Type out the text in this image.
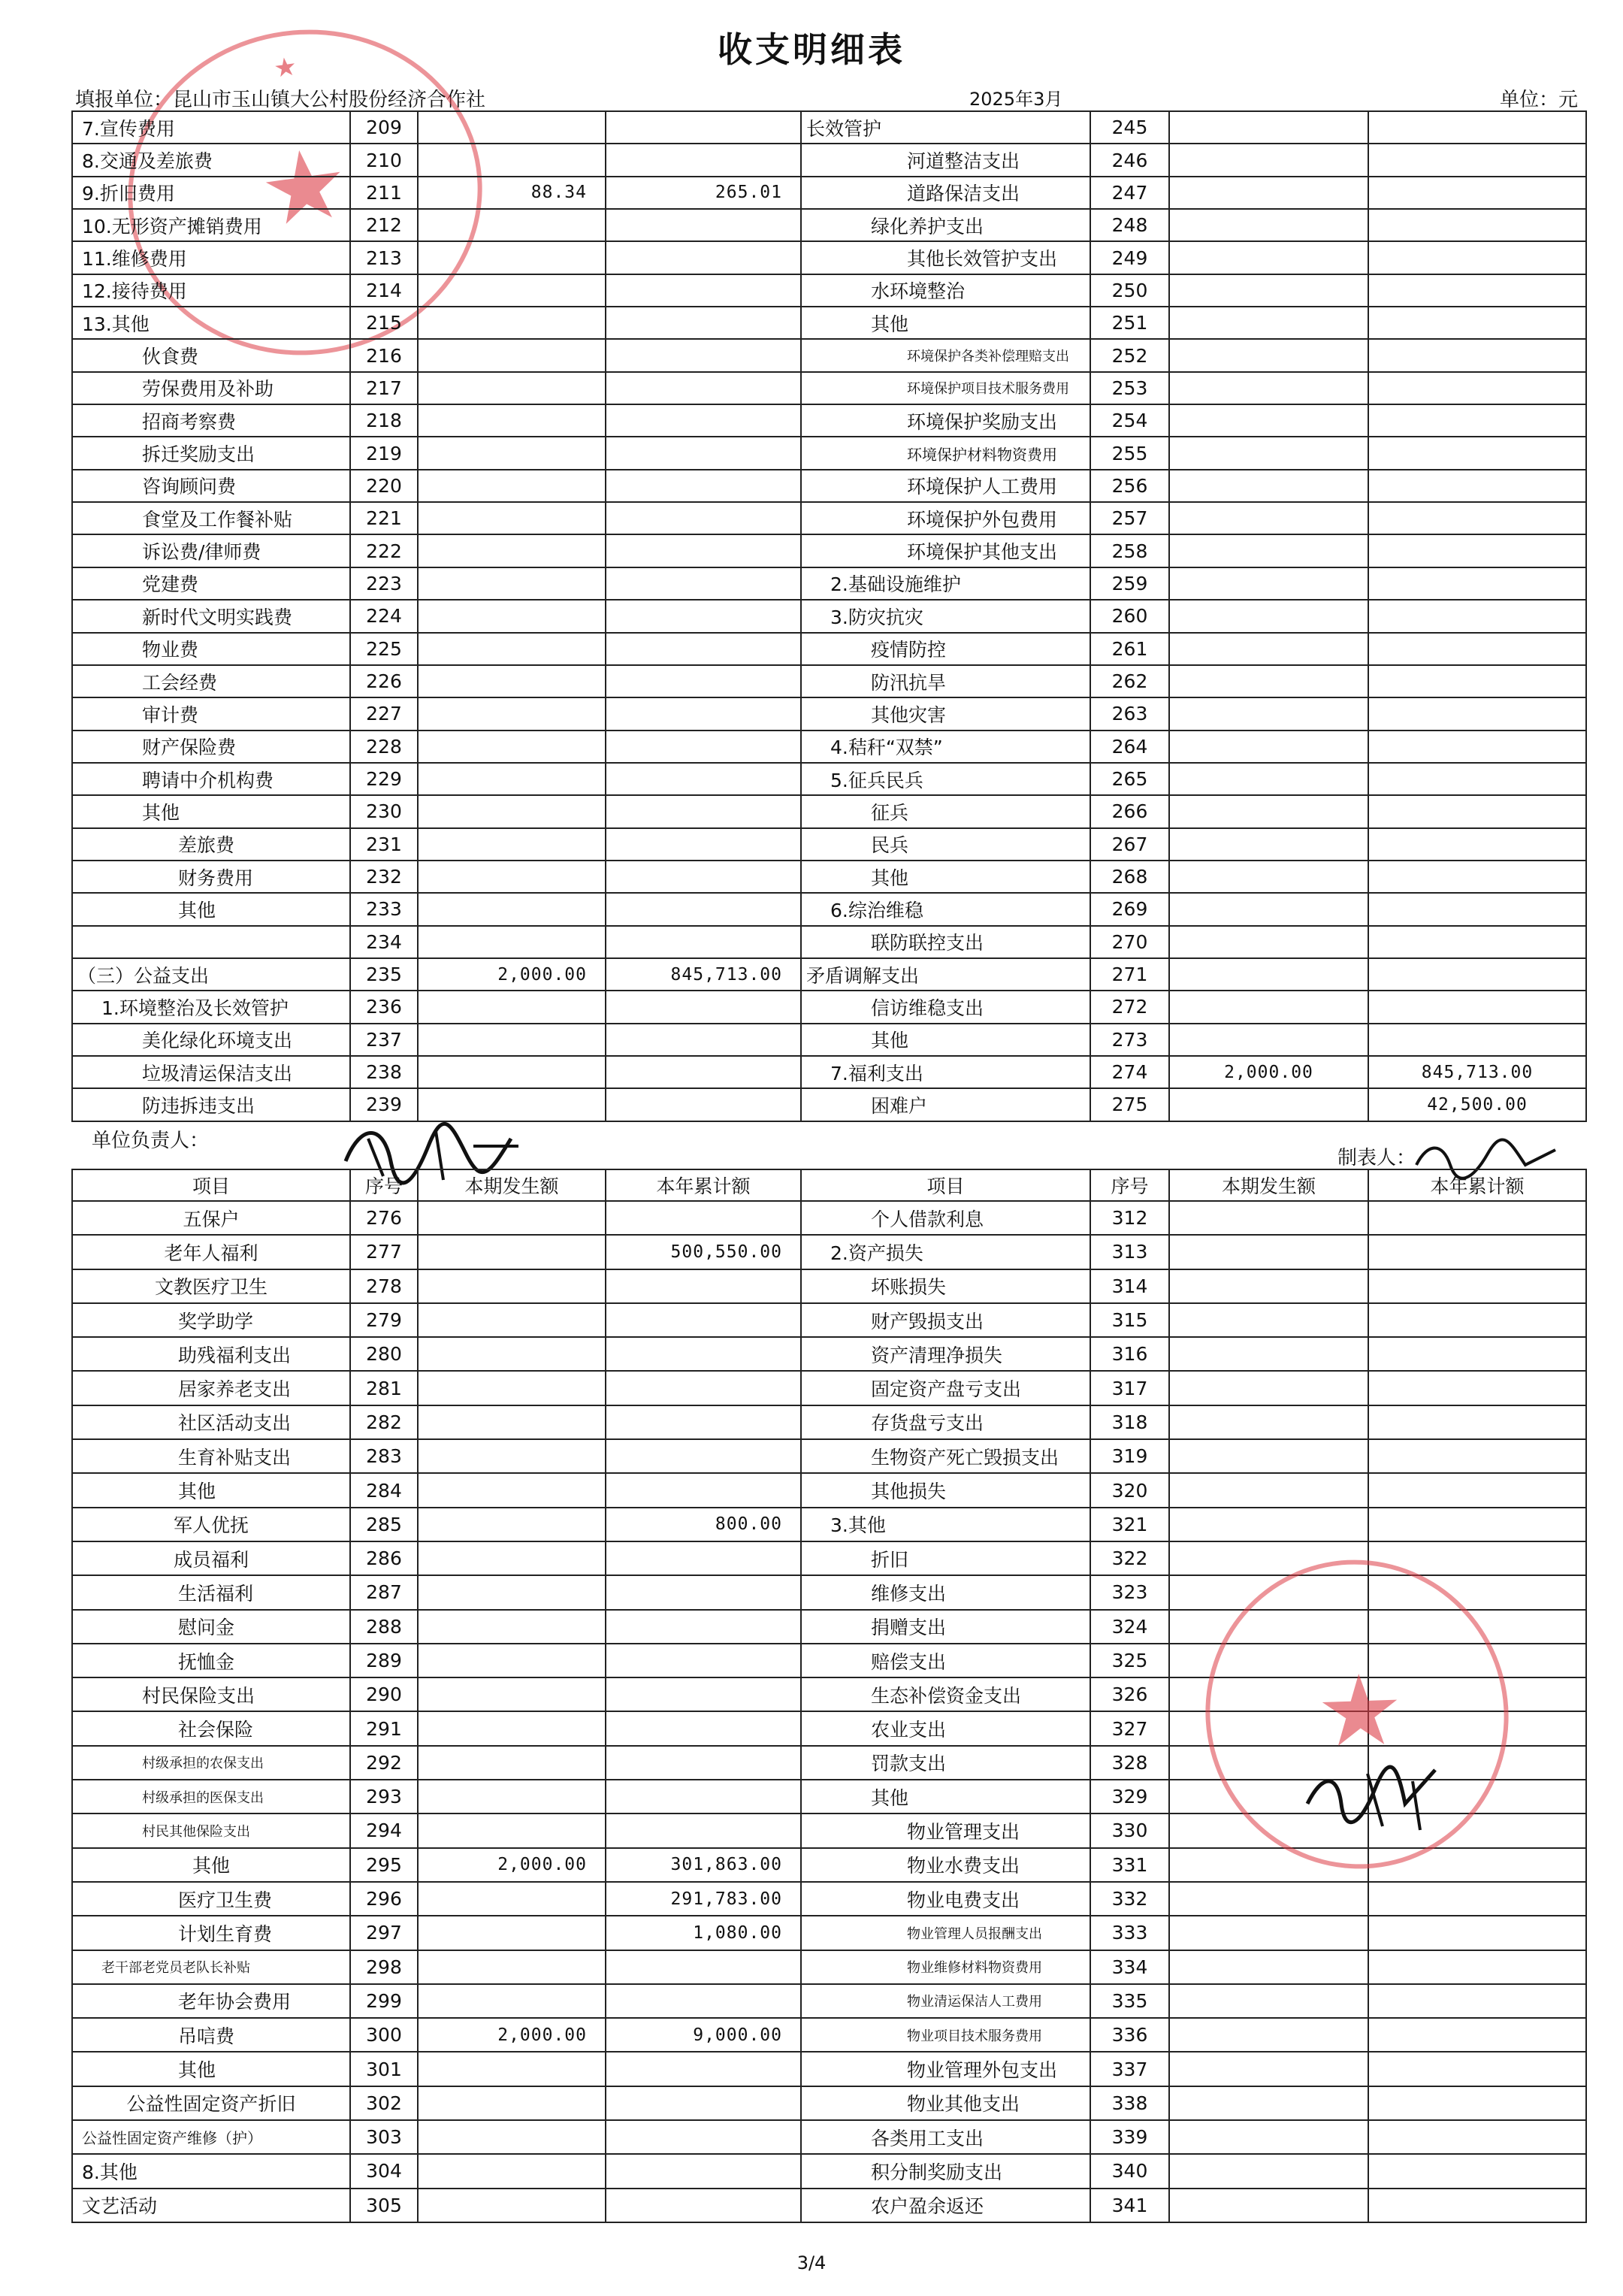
收支明细表
填报单位：昆山市玉山镇大公村股份经济合作社	2025年3月	单位：元
★
★
7.宣传费用	209			长效管护	245		
8.交通及差旅费	210			河道整洁支出	246		
9.折旧费用	211	88.34	265.01	道路保洁支出	247		
10.无形资产摊销费用	212			绿化养护支出	248		
11.维修费用	213			其他长效管护支出	249		
12.接待费用	214			水环境整治	250		
13.其他	215			其他	251		
伙食费	216			环境保护各类补偿理赔支出	252		
劳保费用及补助	217			环境保护项目技术服务费用	253		
招商考察费	218			环境保护奖励支出	254		
拆迁奖励支出	219			环境保护材料物资费用	255		
咨询顾问费	220			环境保护人工费用	256		
食堂及工作餐补贴	221			环境保护外包费用	257		
诉讼费/律师费	222			环境保护其他支出	258		
党建费	223			2.基础设施维护	259		
新时代文明实践费	224			3.防灾抗灾	260		
物业费	225			疫情防控	261		
工会经费	226			防汛抗旱	262		
审计费	227			其他灾害	263		
财产保险费	228			4.秸秆“双禁”	264		
聘请中介机构费	229			5.征兵民兵	265		
其他	230			征兵	266		
差旅费	231			民兵	267		
财务费用	232			其他	268		
其他	233			6.综治维稳	269		
	234			联防联控支出	270		
（三）公益支出	235	2,000.00	845,713.00	矛盾调解支出	271		
1.环境整治及长效管护	236			信访维稳支出	272		
美化绿化环境支出	237			其他	273		
垃圾清运保洁支出	238			7.福利支出	274	2,000.00	845,713.00
防违拆违支出	239			困难户	275		42,500.00
单位负责人：
制表人：
项目	序号	本期发生额	本年累计额	项目	序号	本期发生额	本年累计额
五保户	276			个人借款利息	312		
老年人福利	277		500,550.00	2.资产损失	313		
文教医疗卫生	278			坏账损失	314		
奖学助学	279			财产毁损支出	315		
助残福利支出	280			资产清理净损失	316		
居家养老支出	281			固定资产盘亏支出	317		
社区活动支出	282			存货盘亏支出	318		
生育补贴支出	283			生物资产死亡毁损支出	319		
其他	284			其他损失	320		
军人优抚	285		800.00	3.其他	321		
成员福利	286			折旧	322		
生活福利	287			维修支出	323		
慰问金	288			捐赠支出	324		
抚恤金	289			赔偿支出	325		
村民保险支出	290			生态补偿资金支出	326		
社会保险	291			农业支出	327		
村级承担的农保支出	292			罚款支出	328		
村级承担的医保支出	293			其他	329		
村民其他保险支出	294			物业管理支出	330		
其他	295	2,000.00	301,863.00	物业水费支出	331		
医疗卫生费	296		291,783.00	物业电费支出	332		
计划生育费	297		1,080.00	物业管理人员报酬支出	333		
老干部老党员老队长补贴	298			物业维修材料物资费用	334		
老年协会费用	299			物业清运保洁人工费用	335		
吊唁费	300	2,000.00	9,000.00	物业项目技术服务费用	336		
其他	301			物业管理外包支出	337		
公益性固定资产折旧	302			物业其他支出	338		
公益性固定资产维修（护）	303			各类用工支出	339		
8.其他	304			积分制奖励支出	340		
文艺活动	305			农户盈余返还	341		
★
3/4
